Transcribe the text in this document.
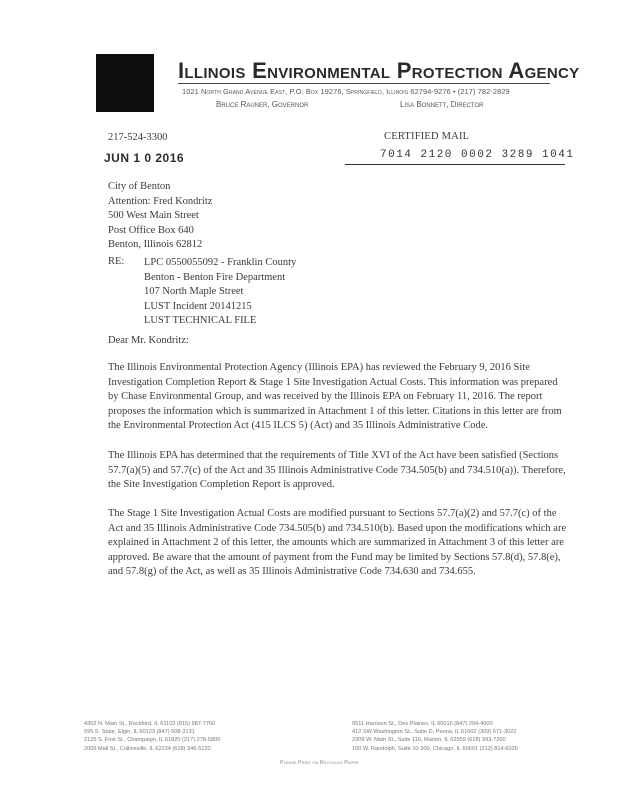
Illinois Environmental Protection Agency
1021 North Grand Avenue East, P.O. Box 19276, Springfield, Illinois 62794-9276 • (217) 782-2829
Bruce Rauner, Governor	Lisa Bonnett, Director
217-524-3300	CERTIFIED MAIL
JUN 1 0 2016	7014 2120 0002 3289 1041
City of Benton
Attention: Fred Kondritz
500 West Main Street
Post Office Box 640
Benton, Illinois 62812
RE: LPC 0550055092 - Franklin County
Benton - Benton Fire Department
107 North Maple Street
LUST Incident 20141215
LUST TECHNICAL FILE
Dear Mr. Kondritz:
The Illinois Environmental Protection Agency (Illinois EPA) has reviewed the February 9, 2016 Site Investigation Completion Report & Stage 1 Site Investigation Actual Costs. This information was prepared by Chase Environmental Group, and was received by the Illinois EPA on February 11, 2016. The report proposes the information which is summarized in Attachment 1 of this letter. Citations in this letter are from the Environmental Protection Act (415 ILCS 5) (Act) and 35 Illinois Administrative Code.
The Illinois EPA has determined that the requirements of Title XVI of the Act have been satisfied (Sections 57.7(a)(5) and 57.7(c) of the Act and 35 Illinois Administrative Code 734.505(b) and 734.510(a)). Therefore, the Site Investigation Completion Report is approved.
The Stage 1 Site Investigation Actual Costs are modified pursuant to Sections 57.7(a)(2) and 57.7(c) of the Act and 35 Illinois Administrative Code 734.505(b) and 734.510(b). Based upon the modifications which are explained in Attachment 2 of this letter, the amounts which are summarized in Attachment 3 of this letter are approved. Be aware that the amount of payment from the Fund may be limited by Sections 57.8(d), 57.8(e), and 57.8(g) of the Act, as well as 35 Illinois Administrative Code 734.630 and 734.655.
4302 N. Main St., Rockford, IL 61103 (815) 987-7760
595 S. State, Elgin, IL 60123 (847) 608-3131
2125 S. First St., Champaign, IL 61820 (217) 278-5800
2009 Mall St., Collinsville, IL 62234 (618) 346-5120
9511 Harrison St., Des Plaines, IL 60016 (847) 294-4000
412 SW Washington St., Suite D, Peoria, IL 61602 (309) 671-3022
2309 W. Main St., Suite 116, Marion, IL 62959 (618) 993-7200
100 W. Randolph, Suite 10-300, Chicago, IL 60601 (312) 814-6026
Please Print on Recycled Paper
